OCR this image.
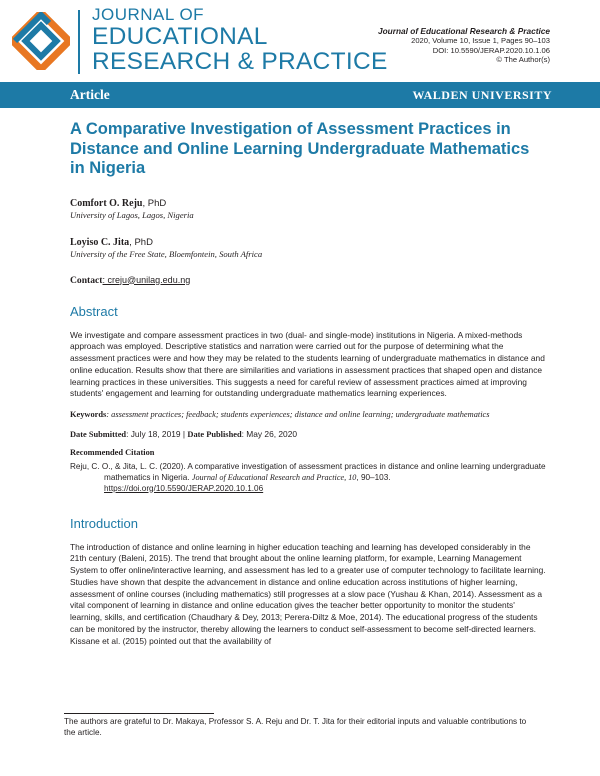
JOURNAL OF
EDUCATIONAL
RESEARCH & PRACTICE
Journal of Educational Research & Practice
2020, Volume 10, Issue 1, Pages 90–103
DOI: 10.5590/JERAP.2020.10.1.06
© The Author(s)
Article	WALDEN UNIVERSITY
A Comparative Investigation of Assessment Practices in Distance and Online Learning Undergraduate Mathematics in Nigeria
Comfort O. Reju, PhD
University of Lagos, Lagos, Nigeria
Loyiso C. Jita, PhD
University of the Free State, Bloemfontein, South Africa
Contact: creju@unilag.edu.ng
Abstract

We investigate and compare assessment practices in two (dual- and single-mode) institutions in Nigeria. A mixed-methods approach was employed. Descriptive statistics and narration were carried out for the purpose of determining what the assessment practices were and how they may be related to the students learning of undergraduate mathematics in distance and online education. Results show that there are similarities and variations in assessment practices that shaped open and distance learning practices in these universities. This suggests a need for careful review of assessment practices aimed at improving students' engagement and learning for outstanding undergraduate mathematics learning experiences.

Keywords: assessment practices; feedback; students experiences; distance and online learning; undergraduate mathematics
Date Submitted: July 18, 2019 | Date Published: May 26, 2020
Recommended Citation
Reju, C. O., & Jita, L. C. (2020). A comparative investigation of assessment practices in distance and online learning undergraduate mathematics in Nigeria. Journal of Educational Research and Practice, 10, 90–103. https://doi.org/10.5590/JERAP.2020.10.1.06
Introduction

The introduction of distance and online learning in higher education teaching and learning has developed considerably in the 21th century (Baleni, 2015). The trend that brought about the online learning platform, for example, Learning Management System to offer online/interactive learning, and assessment has led to a greater use of computer technology to facilitate learning. Studies have shown that despite the advancement in distance and online education across institutions of higher learning, assessment of online courses (including mathematics) still progresses at a slow pace (Yushau & Khan, 2014). Assessment as a vital component of learning in distance and online education gives the teacher better opportunity to monitor the students' learning, skills, and certification (Chaudhary & Dey, 2013; Perera-Diltz & Moe, 2014). The educational progress of the students can be monitored by the instructor, thereby allowing the learners to conduct self-assessment to become self-directed learners. Kissane et al. (2015) pointed out that the availability of

The authors are grateful to Dr. Makaya, Professor S. A. Reju and Dr. T. Jita for their editorial inputs and valuable contributions to the article.
